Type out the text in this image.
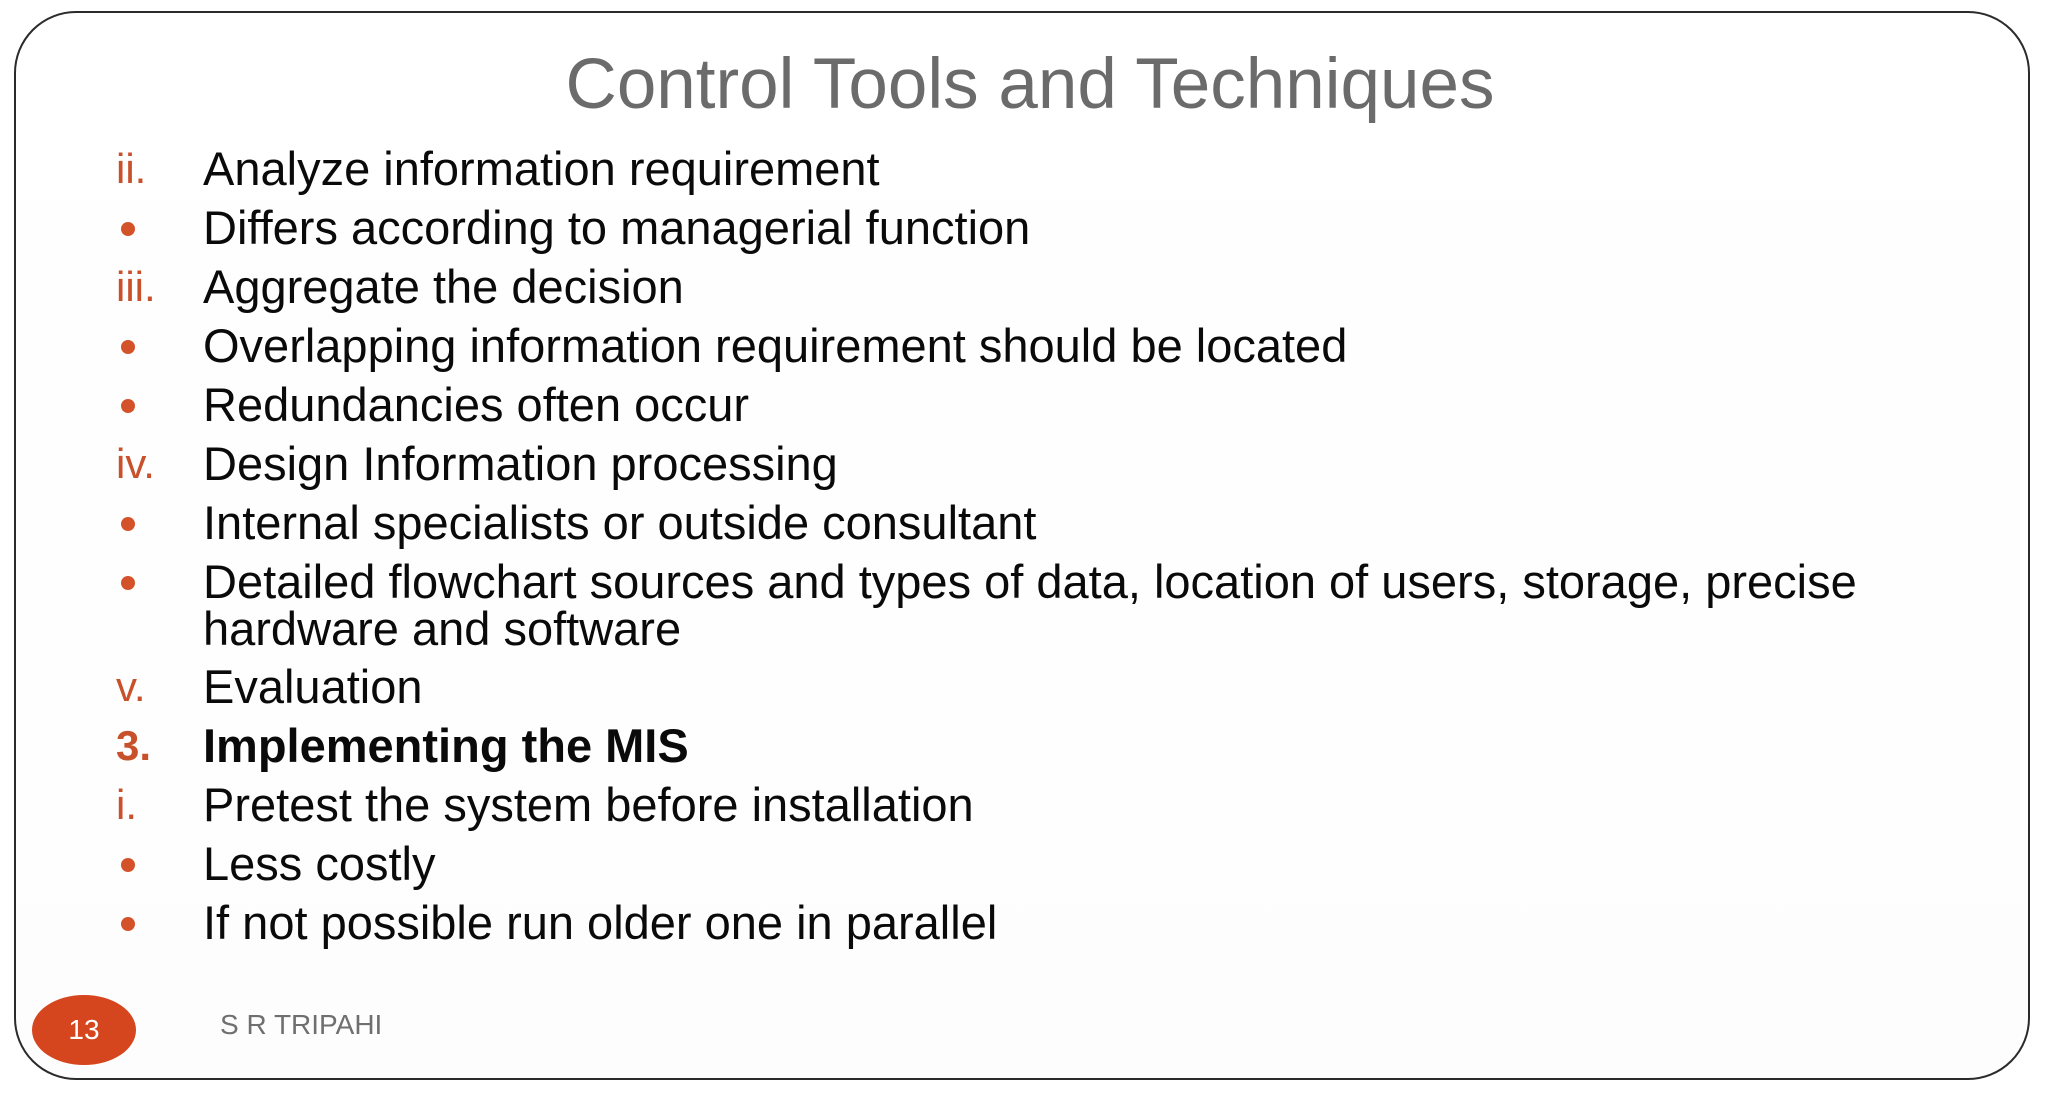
Control Tools and Techniques
ii. Analyze information requirement
Differs according to managerial function
iii. Aggregate the decision
Overlapping information requirement should be located
Redundancies often occur
iv. Design Information processing
Internal specialists or outside consultant
Detailed flowchart sources and types of data, location of users, storage, precise hardware and software
v. Evaluation
3. Implementing the MIS
i. Pretest the system before installation
Less costly
If not possible run older one in parallel
13	S R TRIPAHI
